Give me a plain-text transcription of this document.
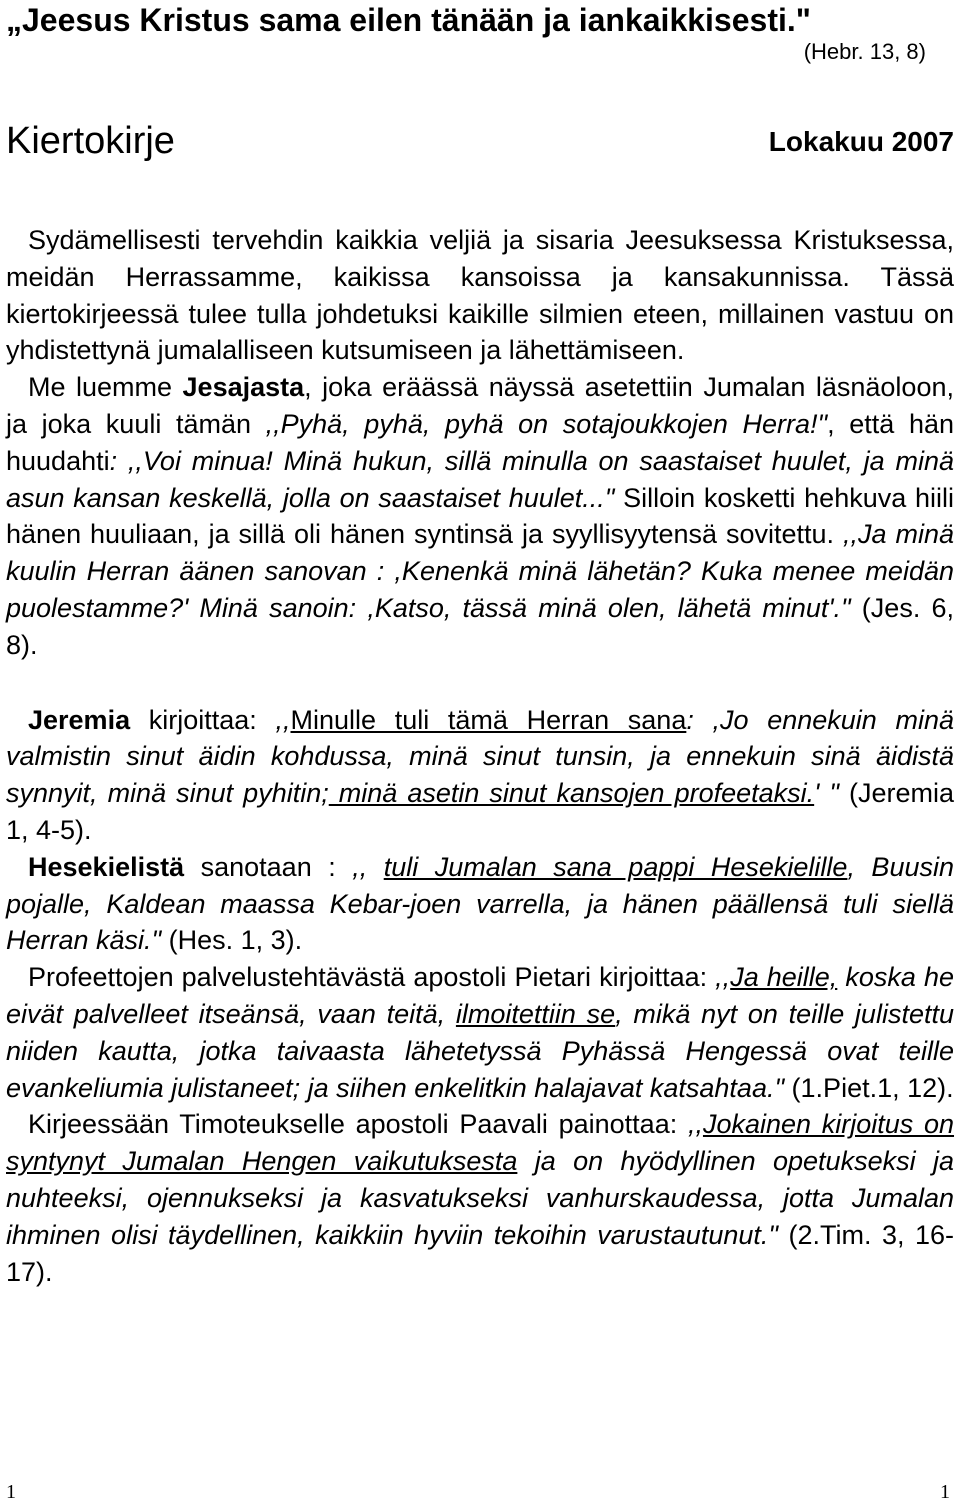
„Jeesus Kristus sama eilen tänään ja iankaikkisesti."
(Hebr. 13, 8)
Kiertokirje	Lokakuu 2007

Sydämellisesti tervehdin kaikkia veljiä ja sisaria Jeesuksessa Kristuksessa, meidän Herrassamme, kaikissa kansoissa ja kansakunnissa. Tässä kiertokirjeessä tulee tulla johdetuksi kaikille silmien eteen, millainen vastuu on yhdistettynä jumalalliseen kutsumiseen ja lähettämiseen.

Me luemme Jesajasta, joka eräässä näyssä asetettiin Jumalan läsnäoloon, ja joka kuuli tämän ,,Pyhä, pyhä, pyhä on sotajoukkojen Herra!", että hän huudahti: ,,Voi minua! Minä hukun, sillä minulla on saastaiset huulet, ja minä asun kansan keskellä, jolla on saastaiset huulet..." Silloin kosketti hehkuva hiili hänen huuliaan, ja sillä oli hänen syntinsä ja syyllisyytensä sovitettu. ,,Ja minä kuulin Herran äänen sanovan : ,Kenenkä minä lähetän? Kuka menee meidän puolestamme?' Minä sanoin: ,Katso, tässä minä olen, lähetä minut'." (Jes. 6, 8).

Jeremia kirjoittaa: ,,Minulle tuli tämä Herran sana: ,Jo ennekuin minä valmistin sinut äidin kohdussa, minä sinut tunsin, ja ennekuin sinä äidistä synnyit, minä sinut pyhitin; minä asetin sinut kansojen profeetaksi.' " (Jeremia 1, 4-5).

Hesekielistä sanotaan : ,, tuli Jumalan sana pappi Hesekielille, Buusin pojalle, Kaldean maassa Kebar-joen varrella, ja hänen päällensä tuli siellä Herran käsi." (Hes. 1, 3).

Profeettojen palvelustehtävästä apostoli Pietari kirjoittaa: ,,Ja heille, koska he eivät palvelleet itseänsä, vaan teitä, ilmoitettiin se, mikä nyt on teille julistettu niiden kautta, jotka taivaasta lähetetyssä Pyhässä Hengessä ovat teille evankeliumia julistaneet; ja siihen enkelitkin halajavat katsahtaa." (1.Piet.1, 12).

Kirjeessään Timoteukselle apostoli Paavali painottaa: ,,Jokainen kirjoitus on syntynyt Jumalan Hengen vaikutuksesta ja on hyödyllinen opetukseksi ja nuhteeksi, ojennukseksi ja kasvatukseksi vanhurskaudessa, jotta Jumalan ihminen olisi täydellinen, kaikkiin hyviin tekoihin varustautunut." (2.Tim. 3, 16-17).

1	1
